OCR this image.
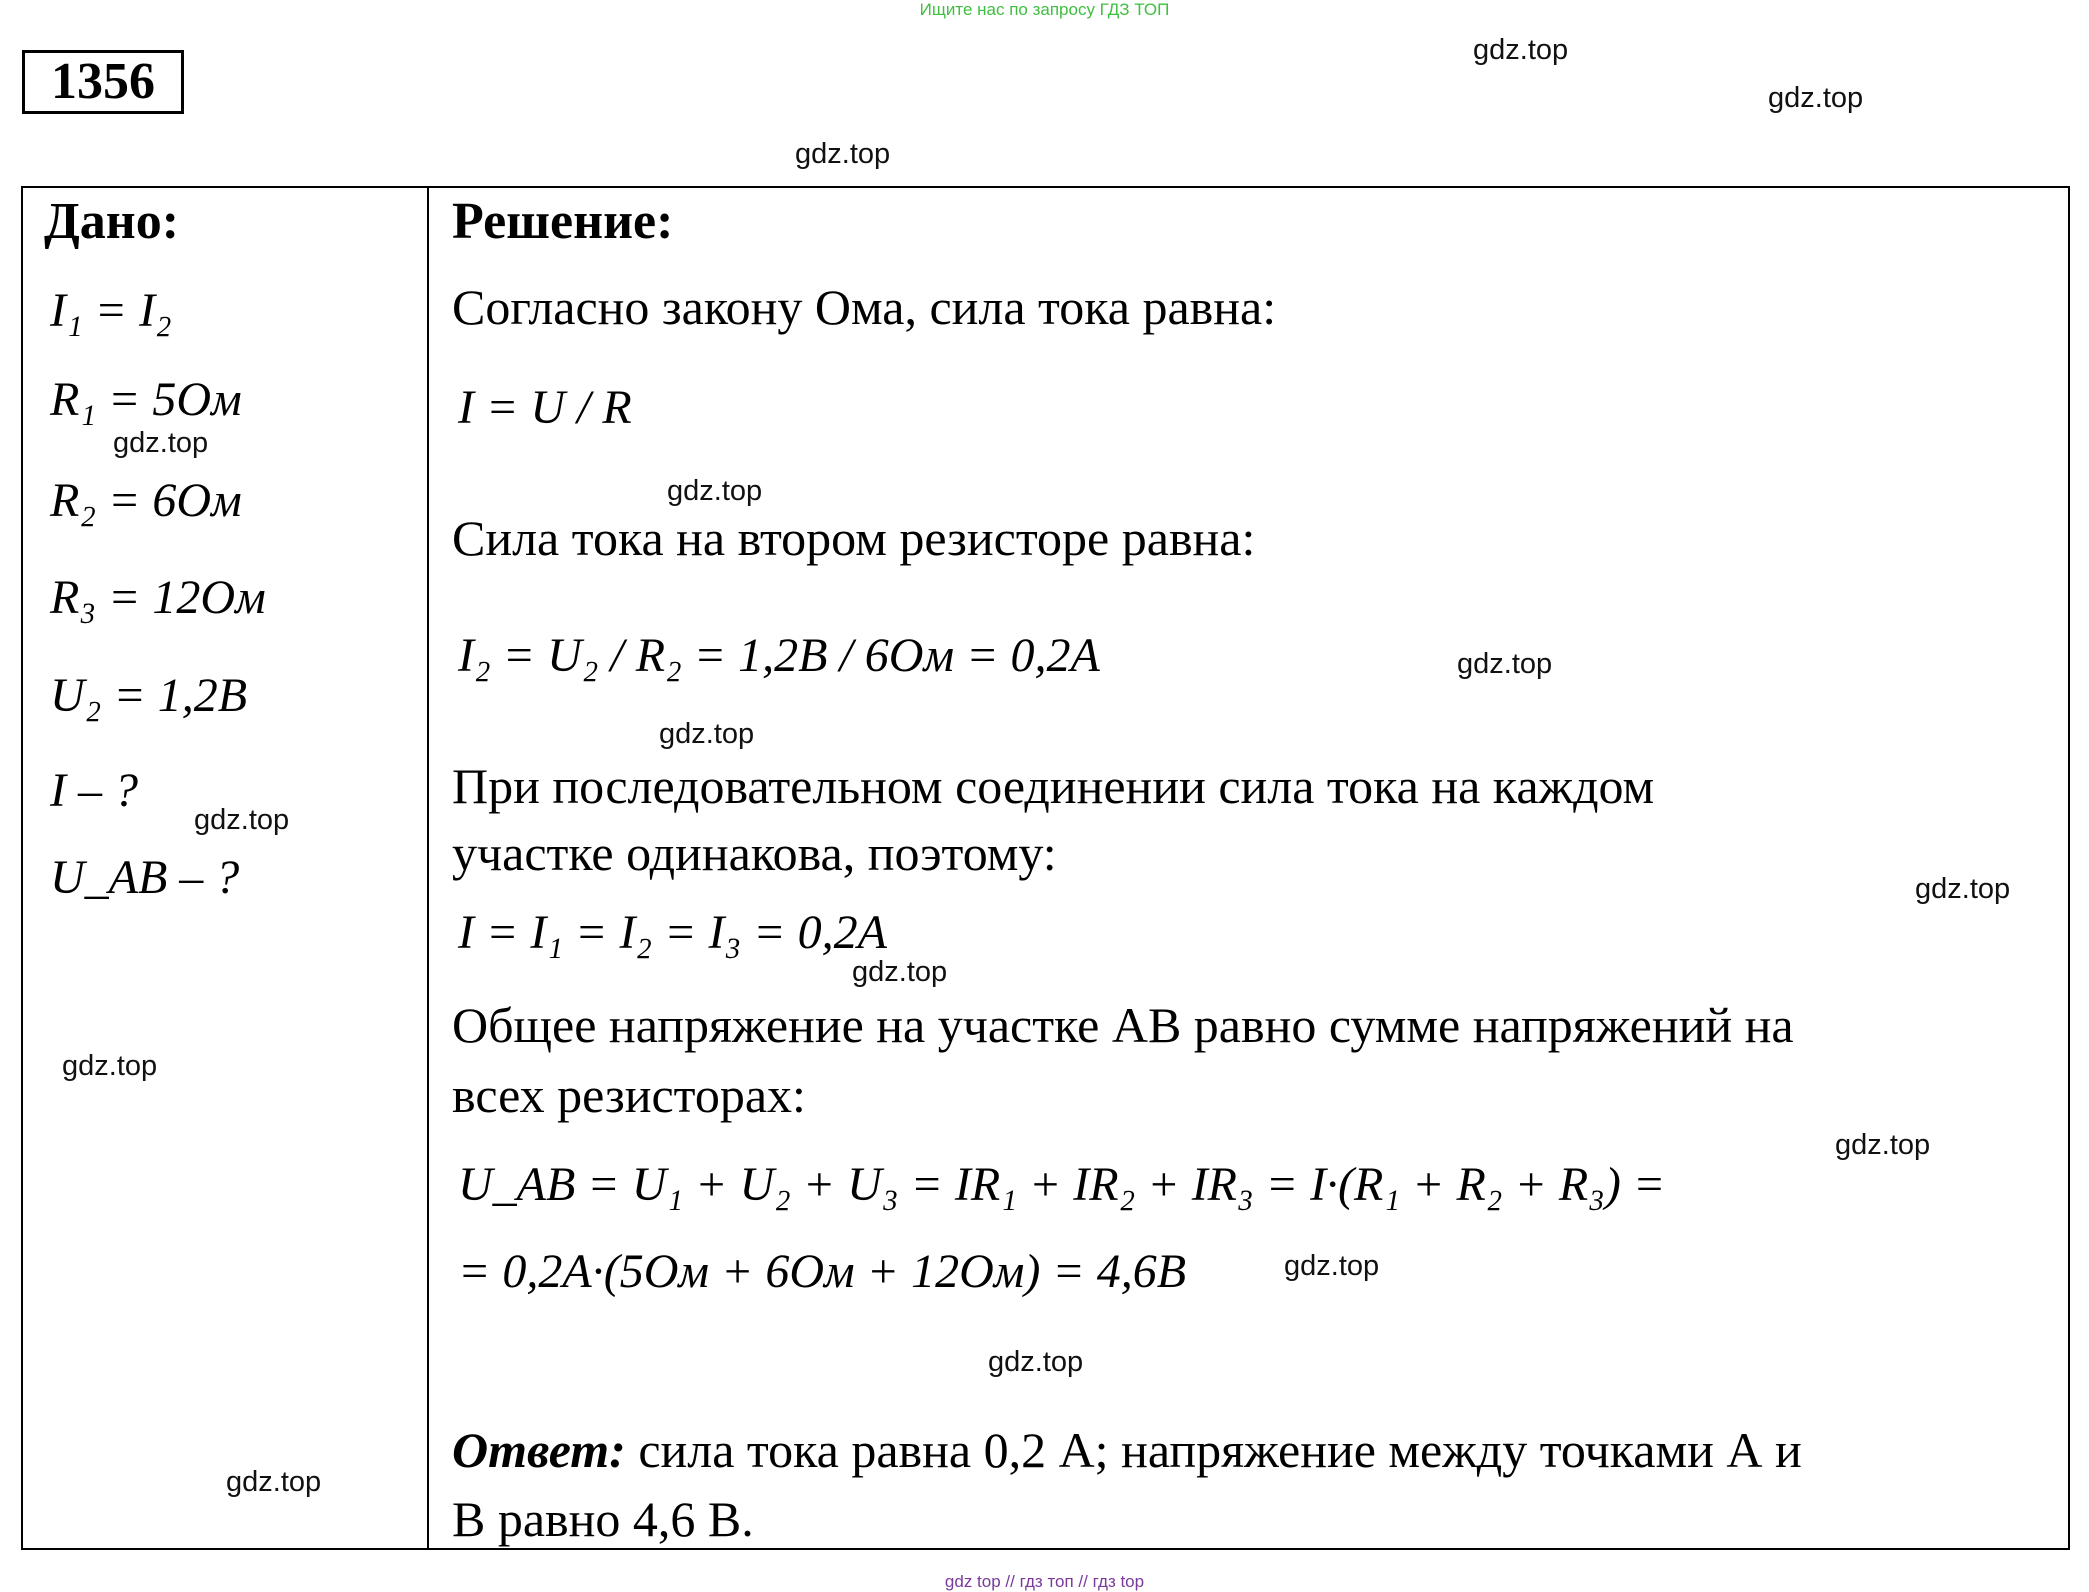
Ищите нас по запросу ГДЗ ТОП
1356
gdz.top
gdz.top
gdz.top
gdz.top
gdz.top
gdz.top
gdz.top
gdz.top
gdz.top
gdz.top
gdz.top
gdz.top
gdz.top
gdz.top
gdz.top
Дано:
I₁ = I₂
R₁ = 5Ом
R₂ = 6Ом
R₃ = 12Ом
U₂ = 1,2В
I – ?
U_AB – ?
Решение:
Согласно закону Ома, сила тока равна:
I = U / R
Сила тока на втором резисторе равна:
I₂ = U₂ / R₂ = 1,2В / 6Ом = 0,2А
При последовательном соединении сила тока на каждом
участке одинакова, поэтому:
I = I₁ = I₂ = I₃ = 0,2А
Общее напряжение на участке АВ равно сумме напряжений на
всех резисторах:
U_AB = U₁ + U₂ + U₃ = IR₁ + IR₂ + IR₃ = I·(R₁ + R₂ + R₃) =
= 0,2А·(5Ом + 6Ом + 12Ом) = 4,6В
Ответ: сила тока равна 0,2 А; напряжение между точками А и
В равно 4,6 В.
gdz top // гдз топ // гдз top
